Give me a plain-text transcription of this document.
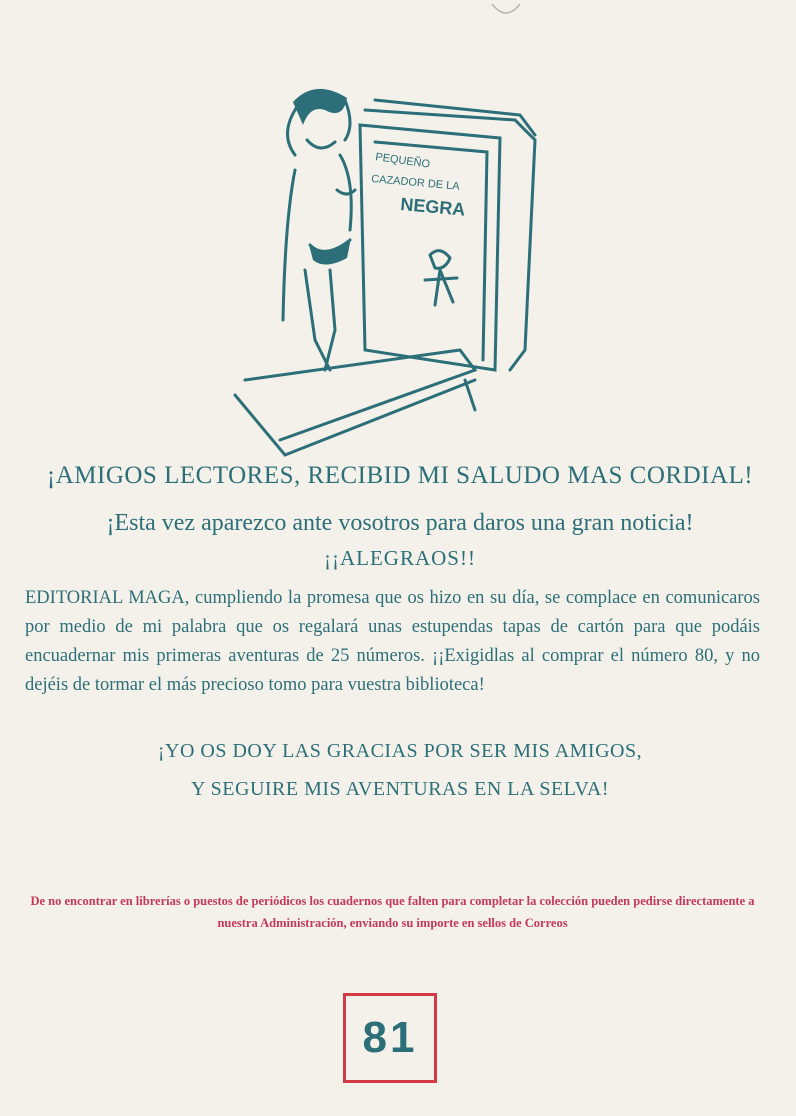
PEQUEÑO
CAZADOR DE LA
NEGRA
¡AMIGOS LECTORES, RECIBID MI SALUDO MAS CORDIAL!
¡Esta vez aparezco ante vosotros para daros una gran noticia!
¡¡ALEGRAOS!!
EDITORIAL MAGA, cumpliendo la promesa que os hizo en su día, se complace en comunicaros por medio de mi palabra que os regalará unas estupendas tapas de cartón para que podáis encuadernar mis primeras aventuras de 25 números. ¡¡Exigidlas al comprar el número 80, y no dejéis de tormar el más precioso tomo para vuestra biblioteca!
¡YO OS DOY LAS GRACIAS POR SER MIS AMIGOS,
Y SEGUIRE MIS AVENTURAS EN LA SELVA!
De no encontrar en librerías o puestos de periódicos los cuadernos que falten para completar la colección pueden pedirse directamente a nuestra Administración, enviando su importe en sellos de Correos
81
